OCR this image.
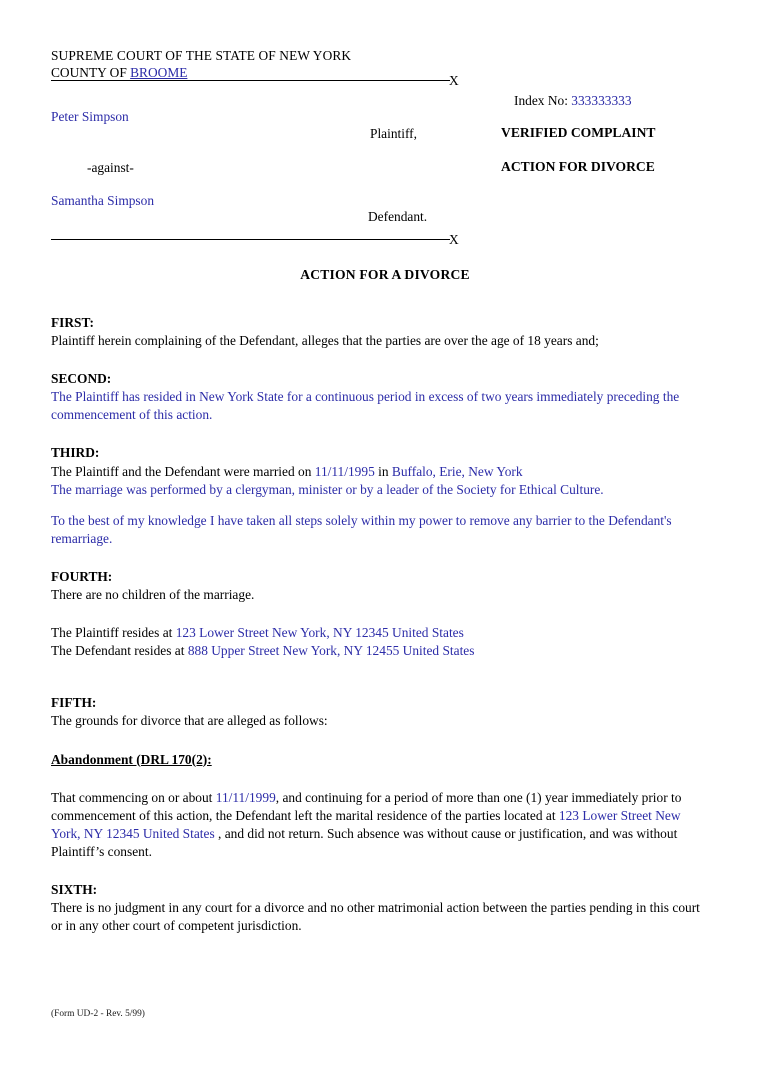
SUPREME COURT OF THE STATE OF NEW YORK
COUNTY OF BROOME
X
Peter Simpson
Plaintiff,
-against-
Samantha Simpson
Defendant.
X
Index No: 333333333
VERIFIED COMPLAINT
ACTION FOR DIVORCE
ACTION FOR A DIVORCE
FIRST:

Plaintiff herein complaining of the Defendant, alleges that the parties are over the age of 18 years and;

SECOND:

The Plaintiff has resided in New York State for a continuous period in excess of two years immediately preceding the commencement of this action.

THIRD:

The Plaintiff and the Defendant were married on 11/11/1995 in Buffalo, Erie, New York

The marriage was performed by a clergyman, minister or by a leader of the Society for Ethical Culture.

To the best of my knowledge I have taken all steps solely within my power to remove any barrier to the Defendant's remarriage.

FOURTH:

There are no children of the marriage.

The Plaintiff resides at 123 Lower Street New York, NY 12345 United States

The Defendant resides at 888 Upper Street New York, NY 12455 United States

FIFTH:

The grounds for divorce that are alleged as follows:

Abandonment (DRL 170(2):

That commencing on or about 11/11/1999, and continuing for a period of more than one (1) year immediately prior to commencement of this action, the Defendant left the marital residence of the parties located at 123 Lower Street New York, NY 12345 United States , and did not return. Such absence was without cause or justification, and was without Plaintiff’s consent.

SIXTH:

There is no judgment in any court for a divorce and no other matrimonial action between the parties pending in this court or in any other court of competent jurisdiction.

(Form UD-2 - Rev. 5/99)
